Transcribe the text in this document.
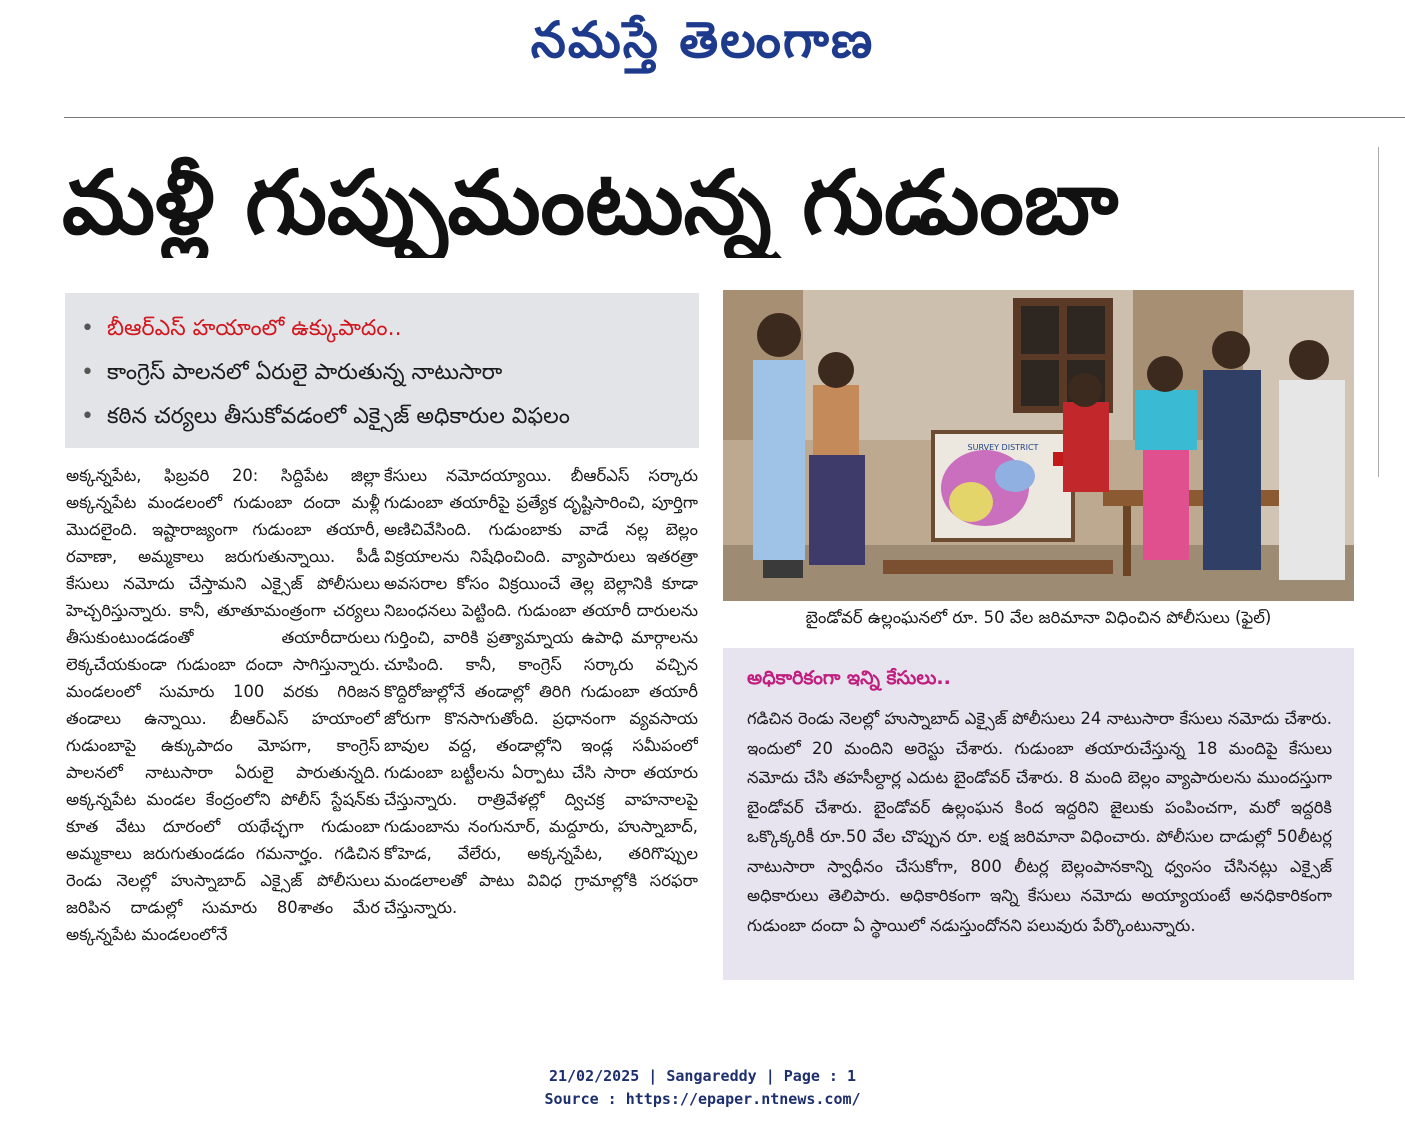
నమస్తే తెలంగాణ
మళ్లీ గుప్పుమంటున్న గుడుంబా
• బీఆర్ఎస్ హయాంలో ఉక్కుపాదం..
• కాంగ్రెస్ పాలనలో ఏరులై పారుతున్న నాటుసారా
• కఠిన చర్యలు తీసుకోవడంలో ఎక్సైజ్ అధికారుల విఫలం
అక్కన్నపేట, ఫిబ్రవరి 20: సిద్దిపేట జిల్లా అక్కన్నపేట మండలంలో గుడుంబా దందా మళ్లీ మొదలైంది. ఇష్టారాజ్యంగా గుడుంబా తయారీ, రవాణా, అమ్మకాలు జరుగుతున్నాయి. పీడీ కేసులు నమోదు చేస్తామని ఎక్సైజ్ పోలీసులు హెచ్చరిస్తున్నారు. కానీ, తూతూమంత్రంగా చర్యలు తీసుకుంటుండడంతో తయారీదారులు లెక్కచేయకుండా గుడుంబా దందా సాగిస్తున్నారు. మండలంలో సుమారు 100 వరకు గిరిజన తండాలు ఉన్నాయి. బీఆర్ఎస్ హయాంలో గుడుంబాపై ఉక్కుపాదం మోపగా, కాంగ్రెస్ పాలనలో నాటుసారా ఏరులై పారుతున్నది. అక్కన్నపేట మండల కేంద్రంలోని పోలీస్ స్టేషన్‌కు కూత వేటు దూరంలో యథేచ్ఛగా గుడుంబా అమ్మకాలు జరుగుతుండడం గమనార్హం. గడిచిన రెండు నెలల్లో హుస్నాబాద్ ఎక్సైజ్ పోలీసులు జరిపిన దాడుల్లో సుమారు 80శాతం మేర అక్కన్నపేట మండలంలోనే
కేసులు నమోదయ్యాయి. బీఆర్ఎస్ సర్కారు గుడుంబా తయారీపై ప్రత్యేక దృష్టిసారించి, పూర్తిగా అణిచివేసింది. గుడుంబాకు వాడే నల్ల బెల్లం విక్రయాలను నిషేధించింది. వ్యాపారులు ఇతరత్రా అవసరాల కోసం విక్రయించే తెల్ల బెల్లానికి కూడా నిబంధనలు పెట్టింది. గుడుంబా తయారీ దారులను గుర్తించి, వారికి ప్రత్యామ్నాయ ఉపాధి మార్గాలను చూపింది. కానీ, కాంగ్రెస్ సర్కారు వచ్చిన కొద్దిరోజుల్లోనే తండాల్లో తిరిగి గుడుంబా తయారీ జోరుగా కొనసాగుతోంది. ప్రధానంగా వ్యవసాయ బావుల వద్ద, తండాల్లోని ఇండ్ల సమీపంలో గుడుంబా బట్టీలను ఏర్పాటు చేసి సారా తయారు చేస్తున్నారు. రాత్రివేళల్లో ద్విచక్ర వాహనాలపై గుడుంబాను నంగునూర్, మద్దూరు, హుస్నాబాద్, కోహెడ, వేలేరు, అక్కన్నపేట, తరిగొప్పుల మండలాలతో పాటు వివిధ గ్రామాల్లోకి సరఫరా చేస్తున్నారు.
SURVEY DISTRICT
బైండోవర్ ఉల్లంఘనలో రూ. 50 వేల జరిమానా విధించిన పోలీసులు (ఫైల్)
అధికారికంగా ఇన్ని కేసులు..
గడిచిన రెండు నెలల్లో హుస్నాబాద్ ఎక్సైజ్ పోలీసులు 24 నాటుసారా కేసులు నమోదు చేశారు. ఇందులో 20 మందిని అరెస్టు చేశారు. గుడుంబా తయారుచేస్తున్న 18 మందిపై కేసులు నమోదు చేసి తహసీల్దార్ల ఎదుట బైండోవర్ చేశారు. 8 మంది బెల్లం వ్యాపారులను ముందస్తుగా బైండోవర్ చేశారు. బైండోవర్ ఉల్లంఘన కింద ఇద్దరిని జైలుకు పంపించగా, మరో ఇద్దరికి ఒక్కొక్కరికీ రూ.50 వేల చొప్పున రూ. లక్ష జరిమానా విధించారు. పోలీసుల దాడుల్లో 50లీటర్ల నాటుసారా స్వాధీనం చేసుకోగా, 800 లీటర్ల బెల్లంపానకాన్ని ధ్వంసం చేసినట్లు ఎక్సైజ్ అధికారులు తెలిపారు. అధికారికంగా ఇన్ని కేసులు నమోదు అయ్యాయంటే అనధికారికంగా గుడుంబా దందా ఏ స్థాయిలో నడుస్తుందోనని పలువురు పేర్కొంటున్నారు.
21/02/2025 | Sangareddy | Page : 1
Source : https://epaper.ntnews.com/
